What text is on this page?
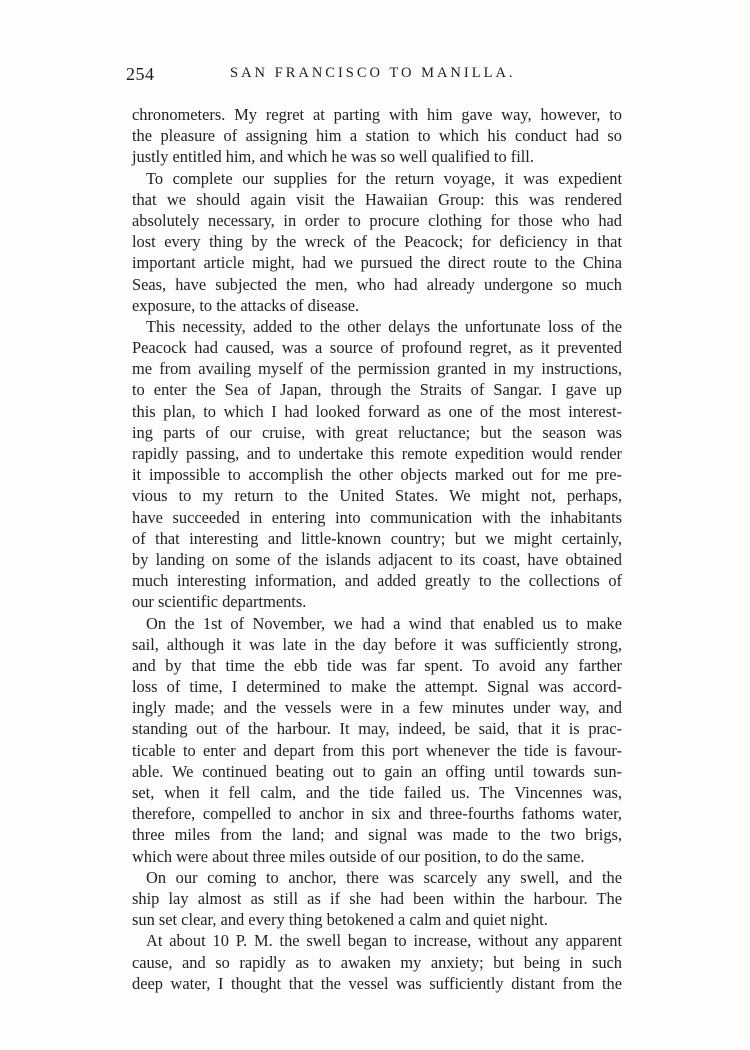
254	SAN FRANCISCO TO MANILLA.
chronometers. My regret at parting with him gave way, however, to
the pleasure of assigning him a station to which his conduct had so
justly entitled him, and which he was so well qualified to fill.
To complete our supplies for the return voyage, it was expedient
that we should again visit the Hawaiian Group: this was rendered
absolutely necessary, in order to procure clothing for those who had
lost every thing by the wreck of the Peacock; for deficiency in that
important article might, had we pursued the direct route to the China
Seas, have subjected the men, who had already undergone so much
exposure, to the attacks of disease.
This necessity, added to the other delays the unfortunate loss of the
Peacock had caused, was a source of profound regret, as it prevented
me from availing myself of the permission granted in my instructions,
to enter the Sea of Japan, through the Straits of Sangar. I gave up
this plan, to which I had looked forward as one of the most interest-
ing parts of our cruise, with great reluctance; but the season was
rapidly passing, and to undertake this remote expedition would render
it impossible to accomplish the other objects marked out for me pre-
vious to my return to the United States. We might not, perhaps,
have succeeded in entering into communication with the inhabitants
of that interesting and little-known country; but we might certainly,
by landing on some of the islands adjacent to its coast, have obtained
much interesting information, and added greatly to the collections of
our scientific departments.
On the 1st of November, we had a wind that enabled us to make
sail, although it was late in the day before it was sufficiently strong,
and by that time the ebb tide was far spent. To avoid any farther
loss of time, I determined to make the attempt. Signal was accord-
ingly made; and the vessels were in a few minutes under way, and
standing out of the harbour. It may, indeed, be said, that it is prac-
ticable to enter and depart from this port whenever the tide is favour-
able. We continued beating out to gain an offing until towards sun-
set, when it fell calm, and the tide failed us. The Vincennes was,
therefore, compelled to anchor in six and three-fourths fathoms water,
three miles from the land; and signal was made to the two brigs,
which were about three miles outside of our position, to do the same.
On our coming to anchor, there was scarcely any swell, and the
ship lay almost as still as if she had been within the harbour. The
sun set clear, and every thing betokened a calm and quiet night.
At about 10 P. M. the swell began to increase, without any apparent
cause, and so rapidly as to awaken my anxiety; but being in such
deep water, I thought that the vessel was sufficiently distant from the
